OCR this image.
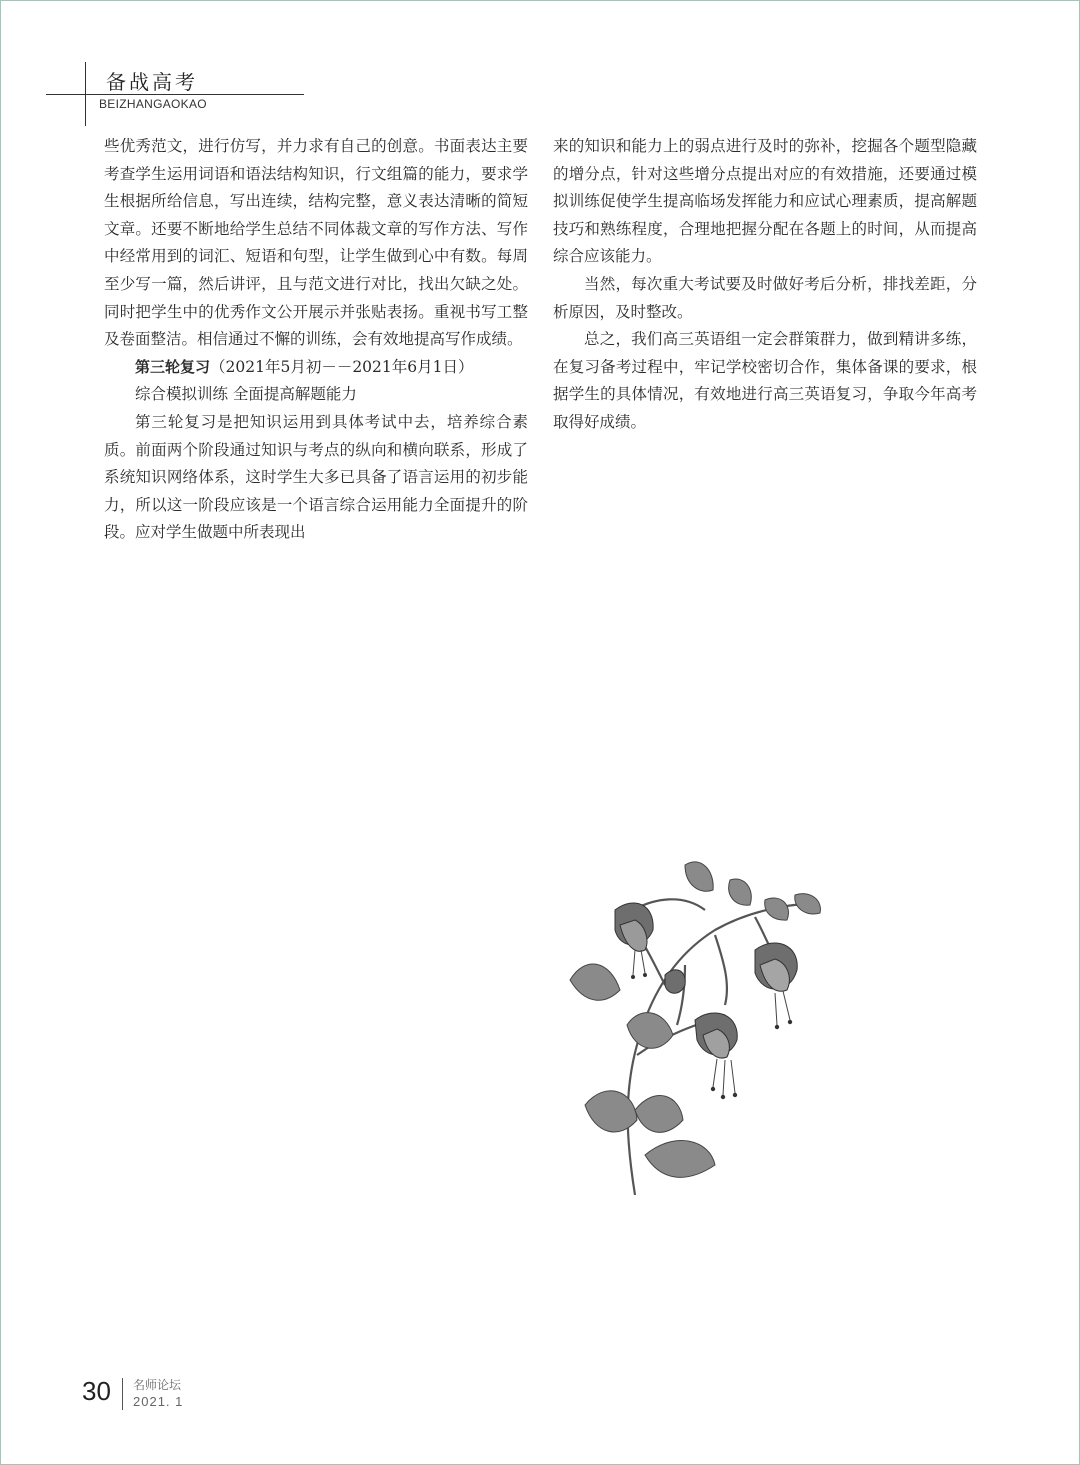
备战高考
BEIZHANGAOKAO

些优秀范文，进行仿写，并力求有自己的创意。书面表达主要考查学生运用词语和语法结构知识，行文组篇的能力，要求学生根据所给信息，写出连续，结构完整，意义表达清晰的简短文章。还要不断地给学生总结不同体裁文章的写作方法、写作中经常用到的词汇、短语和句型，让学生做到心中有数。每周至少写一篇，然后讲评，且与范文进行对比，找出欠缺之处。同时把学生中的优秀作文公开展示并张贴表扬。重视书写工整及卷面整洁。相信通过不懈的训练，会有效地提高写作成绩。

第三轮复习（2021年5月初－－2021年6月1日）

综合模拟训练 全面提高解题能力

第三轮复习是把知识运用到具体考试中去，培养综合素质。前面两个阶段通过知识与考点的纵向和横向联系，形成了系统知识网络体系，这时学生大多已具备了语言运用的初步能力，所以这一阶段应该是一个语言综合运用能力全面提升的阶段。应对学生做题中所表现出

来的知识和能力上的弱点进行及时的弥补，挖掘各个题型隐藏的增分点，针对这些增分点提出对应的有效措施，还要通过模拟训练促使学生提高临场发挥能力和应试心理素质，提高解题技巧和熟练程度，合理地把握分配在各题上的时间，从而提高综合应该能力。

当然，每次重大考试要及时做好考后分析，排找差距，分析原因，及时整改。

总之，我们高三英语组一定会群策群力，做到精讲多练，在复习备考过程中，牢记学校密切合作，集体备课的要求，根据学生的具体情况，有效地进行高三英语复习，争取今年高考取得好成绩。

30 名师论坛
2021. 1
